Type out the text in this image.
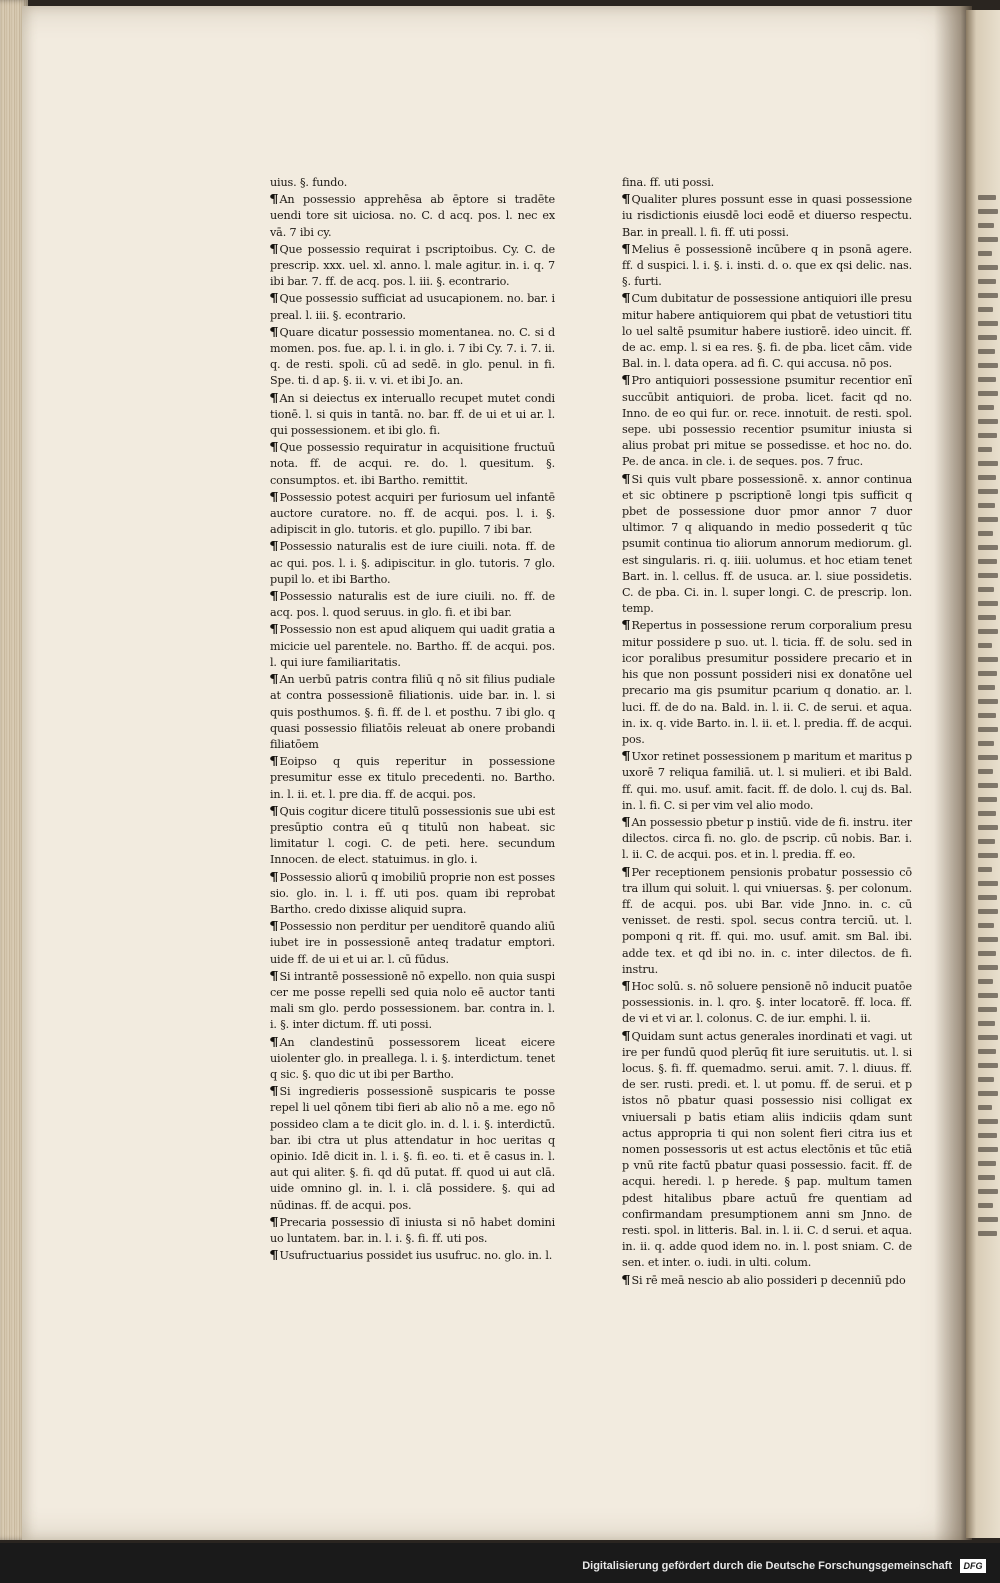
uius. §. fundo.

¶An possessio apprehēsa ab ēptore si tradēte uendi tore sit uiciosa. no. C. d acq. pos. l. nec ex vā. 7 ibi cy.

¶Que possessio requirat i pscriptoibus. Cy. C. de prescrip. xxx. uel. xl. anno. l. male agitur. in. i. q. 7 ibi bar. 7. ff. de acq. pos. l. iii. §. econtrario.

¶Que possessio sufficiat ad usucapionem. no. bar. i preal. l. iii. §. econtrario.

¶Quare dicatur possessio momentanea. no. C. si d momen. pos. fue. ap. l. i. in glo. i. 7 ibi Cy. 7. i. 7. ii. q. de resti. spoli. cū ad sedē. in glo. penul. in fi. Spe. ti. d ap. §. ii. v. vi. et ibi Jo. an.

¶An si deiectus ex interuallo recupet mutet condi tionē. l. si quis in tantā. no. bar. ff. de ui et ui ar. l. qui possessionem. et ibi glo. fi.

¶Que possessio requiratur in acquisitione fructuū nota. ff. de acqui. re. do. l. quesitum. §. consumptos. et. ibi Bartho. remittit.

¶Possessio potest acquiri per furiosum uel infantē auctore curatore. no. ff. de acqui. pos. l. i. §. adipiscit in glo. tutoris. et glo. pupillo. 7 ibi bar.

¶Possessio naturalis est de iure ciuili. nota. ff. de ac qui. pos. l. i. §. adipiscitur. in glo. tutoris. 7 glo. pupil lo. et ibi Bartho.

¶Possessio naturalis est de iure ciuili. no. ff. de acq. pos. l. quod seruus. in glo. fi. et ibi bar.

¶Possessio non est apud aliquem qui uadit gratia a micicie uel parentele. no. Bartho. ff. de acqui. pos. l. qui iure familiaritatis.

¶An uerbū patris contra filiū q nō sit filius pudiale at contra possessionē filiationis. uide bar. in. l. si quis posthumos. §. fi. ff. de l. et posthu. 7 ibi glo. q quasi possessio filiatōis releuat ab onere probandi filiatōem

¶Eoipso q quis reperitur in possessione presumitur esse ex titulo precedenti. no. Bartho. in. l. ii. et. l. pre dia. ff. de acqui. pos.

¶Quis cogitur dicere titulū possessionis sue ubi est presūptio contra eū q titulū non habeat. sic limitatur l. cogi. C. de peti. here. secundum Innocen. de elect. statuimus. in glo. i.

¶Possessio aliorū q imobiliū proprie non est posses sio. glo. in. l. i. ff. uti pos. quam ibi reprobat Bartho. credo dixisse aliquid supra.

¶Possessio non perditur per uenditorē quando aliū iubet ire in possessionē anteq tradatur emptori. uide ff. de ui et ui ar. l. cū fūdus.

¶Si intrantē possessionē nō expello. non quia suspi cer me posse repelli sed quia nolo eē auctor tanti mali sm glo. perdo possessionem. bar. contra in. l. i. §. inter dictum. ff. uti possi.

¶An clandestinū possessorem liceat eicere uiolenter glo. in preallega. l. i. §. interdictum. tenet q sic. §. quo dic ut ibi per Bartho.

¶Si ingredieris possessionē suspicaris te posse repel li uel qōnem tibi fieri ab alio nō a me. ego nō possideo clam a te dicit glo. in. d. l. i. §. interdictū. bar. ibi ctra ut plus attendatur in hoc ueritas q opinio. Idē dicit in. l. i. §. fi. eo. ti. et ē casus in. l. aut qui aliter. §. fi. qd dū putat. ff. quod ui aut clā. uide omnino gl. in. l. i. clā possidere. §. qui ad nūdinas. ff. de acqui. pos.

¶Precaria possessio dī iniusta si nō habet domini uo luntatem. bar. in. l. i. §. fi. ff. uti pos.

¶Usufructuarius possidet ius usufruc. no. glo. in. l.

fina. ff. uti possi.

¶Qualiter plures possunt esse in quasi possessione iu risdictionis eiusdē loci eodē et diuerso respectu. Bar. in preall. l. fi. ff. uti possi.

¶Melius ē possessionē incūbere q in psonā agere. ff. d suspici. l. i. §. i. insti. d. o. que ex qsi delic. nas. §. furti.

¶Cum dubitatur de possessione antiquiori ille presu mitur habere antiquiorem qui pbat de vetustiori titu lo uel saltē psumitur habere iustiorē. ideo uincit. ff. de ac. emp. l. si ea res. §. fi. de pba. licet cām. vide Bal. in. l. data opera. ad fi. C. qui accusa. nō pos.

¶Pro antiquiori possessione psumitur recentior enī succūbit antiquiori. de proba. licet. facit qd no. Inno. de eo qui fur. or. rece. innotuit. de resti. spol. sepe. ubi possessio recentior psumitur iniusta si alius probat pri mitue se possedisse. et hoc no. do. Pe. de anca. in cle. i. de seques. pos. 7 fruc.

¶Si quis vult pbare possessionē. x. annor continua et sic obtinere p pscriptionē longi tpis sufficit q pbet de possessione duor pmor annor 7 duor ultimor. 7 q aliquando in medio possederit q tūc psumit continua tio aliorum annorum mediorum. gl. est singularis. ri. q. iiii. uolumus. et hoc etiam tenet Bart. in. l. cellus. ff. de usuca. ar. l. siue possidetis. C. de pba. Ci. in. l. super longi. C. de prescrip. lon. temp.

¶Repertus in possessione rerum corporalium presu mitur possidere p suo. ut. l. ticia. ff. de solu. sed in icor poralibus presumitur possidere precario et in his que non possunt possideri nisi ex donatōne uel precario ma gis psumitur pcarium q donatio. ar. l. luci. ff. de do na. Bald. in. l. ii. C. de serui. et aqua. in. ix. q. vide Barto. in. l. ii. et. l. predia. ff. de acqui. pos.

¶Uxor retinet possessionem p maritum et maritus p uxorē 7 reliqua familiā. ut. l. si mulieri. et ibi Bald. ff. qui. mo. usuf. amit. facit. ff. de dolo. l. cuj ds. Bal. in. l. fi. C. si per vim vel alio modo.

¶An possessio pbetur p instiū. vide de fi. instru. iter dilectos. circa fi. no. glo. de pscrip. cū nobis. Bar. i. l. ii. C. de acqui. pos. et in. l. predia. ff. eo.

¶Per receptionem pensionis probatur possessio cō tra illum qui soluit. l. qui vniuersas. §. per colonum. ff. de acqui. pos. ubi Bar. vide Jnno. in. c. cū venisset. de resti. spol. secus contra terciū. ut. l. pomponi q rit. ff. qui. mo. usuf. amit. sm Bal. ibi. adde tex. et qd ibi no. in. c. inter dilectos. de fi. instru.

¶Hoc solū. s. nō soluere pensionē nō inducit puatōe possessionis. in. l. qro. §. inter locatorē. ff. loca. ff. de vi et vi ar. l. colonus. C. de iur. emphi. l. ii.

¶Quidam sunt actus generales inordinati et vagi. ut ire per fundū quod plerūq fit iure seruitutis. ut. l. si locus. §. fi. ff. quemadmo. serui. amit. 7. l. diuus. ff. de ser. rusti. predi. et. l. ut pomu. ff. de serui. et p istos nō pbatur quasi possessio nisi colligat ex vniuersali p batis etiam aliis indiciis qdam sunt actus appropria ti qui non solent fieri citra ius et nomen possessoris ut est actus electōnis et tūc etiā p vnū rite factū pbatur quasi possessio. facit. ff. de acqui. heredi. l. p herede. § pap. multum tamen pdest hitalibus pbare actuū fre quentiam ad confirmandam presumptionem anni sm Jnno. de resti. spol. in litteris. Bal. in. l. ii. C. d serui. et aqua. in. ii. q. adde quod idem no. in. l. post sniam. C. de sen. et inter. o. iudi. in ulti. colum.

¶Si rē meā nescio ab alio possideri p decenniū pdo

Digitalisierung gefördert durch die Deutsche Forschungsgemeinschaft	DFG
